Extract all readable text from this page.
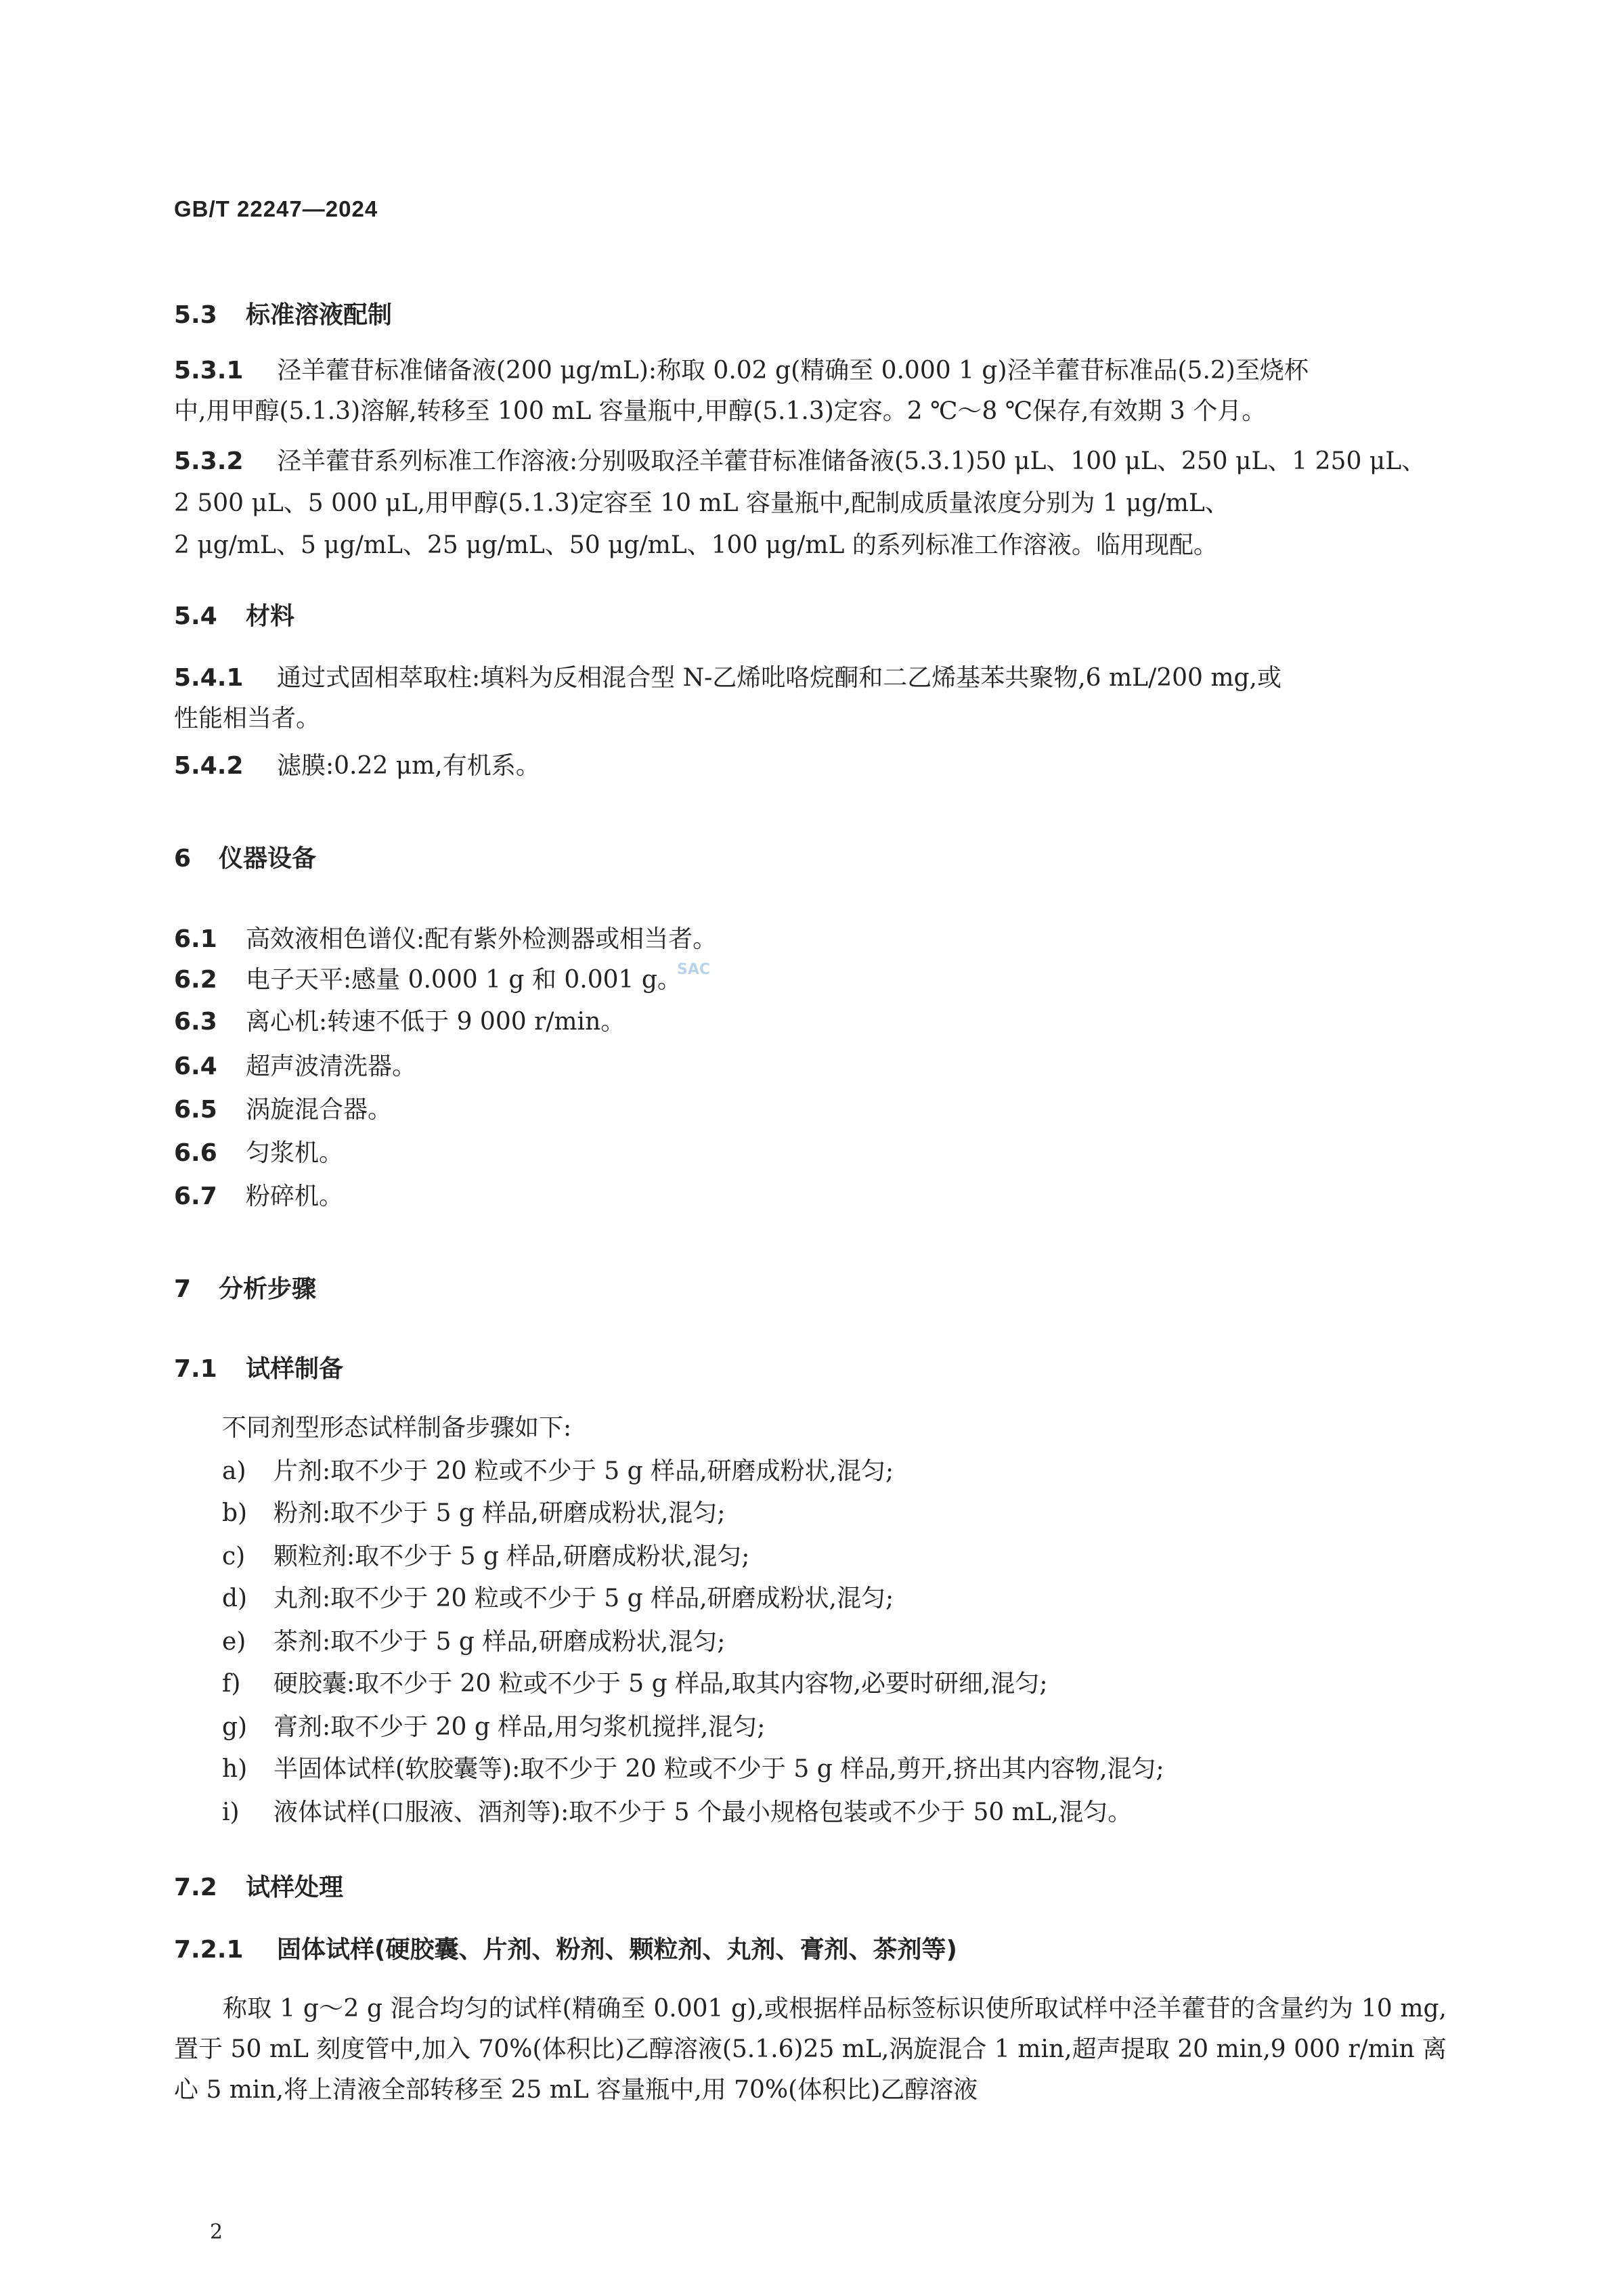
GB/T 22247—2024
5.3 标准溶液配制
5.3.1 泾羊藿苷标准储备液(200 μg/mL):称取 0.02 g(精确至 0.000 1 g)泾羊藿苷标准品(5.2)至烧杯
中,用甲醇(5.1.3)溶解,转移至 100 mL 容量瓶中,甲醇(5.1.3)定容。2 ℃～8 ℃保存,有效期 3 个月。
5.3.2 泾羊藿苷系列标准工作溶液:分别吸取泾羊藿苷标准储备液(5.3.1)50 μL、100 μL、250 μL、1 250 μL、
2 500 μL、5 000 μL,用甲醇(5.1.3)定容至 10 mL 容量瓶中,配制成质量浓度分别为 1 μg/mL、
2 μg/mL、5 μg/mL、25 μg/mL、50 μg/mL、100 μg/mL 的系列标准工作溶液。临用现配。
5.4 材料
5.4.1 通过式固相萃取柱:填料为反相混合型 N-乙烯吡咯烷酮和二乙烯基苯共聚物,6 mL/200 mg,或
性能相当者。
5.4.2 滤膜:0.22 μm,有机系。
6 仪器设备
6.1 高效液相色谱仪:配有紫外检测器或相当者。
6.2 电子天平:感量 0.000 1 g 和 0.001 g。
6.3 离心机:转速不低于 9 000 r/min。
6.4 超声波清洗器。
6.5 涡旋混合器。
6.6 匀浆机。
6.7 粉碎机。
SAC
7 分析步骤
7.1 试样制备
不同剂型形态试样制备步骤如下:
a) 片剂:取不少于 20 粒或不少于 5 g 样品,研磨成粉状,混匀;
b) 粉剂:取不少于 5 g 样品,研磨成粉状,混匀;
c) 颗粒剂:取不少于 5 g 样品,研磨成粉状,混匀;
d) 丸剂:取不少于 20 粒或不少于 5 g 样品,研磨成粉状,混匀;
e) 茶剂:取不少于 5 g 样品,研磨成粉状,混匀;
f) 硬胶囊:取不少于 20 粒或不少于 5 g 样品,取其内容物,必要时研细,混匀;
g) 膏剂:取不少于 20 g 样品,用匀浆机搅拌,混匀;
h) 半固体试样(软胶囊等):取不少于 20 粒或不少于 5 g 样品,剪开,挤出其内容物,混匀;
i) 液体试样(口服液、酒剂等):取不少于 5 个最小规格包装或不少于 50 mL,混匀。
7.2 试样处理
7.2.1 固体试样(硬胶囊、片剂、粉剂、颗粒剂、丸剂、膏剂、茶剂等)
称取 1 g～2 g 混合均匀的试样(精确至 0.001 g),或根据样品标签标识使所取试样中泾羊藿苷的含量约为 10 mg,置于 50 mL 刻度管中,加入 70%(体积比)乙醇溶液(5.1.6)25 mL,涡旋混合 1 min,超声提取 20 min,9 000 r/min 离心 5 min,将上清液全部转移至 25 mL 容量瓶中,用 70%(体积比)乙醇溶液
2
